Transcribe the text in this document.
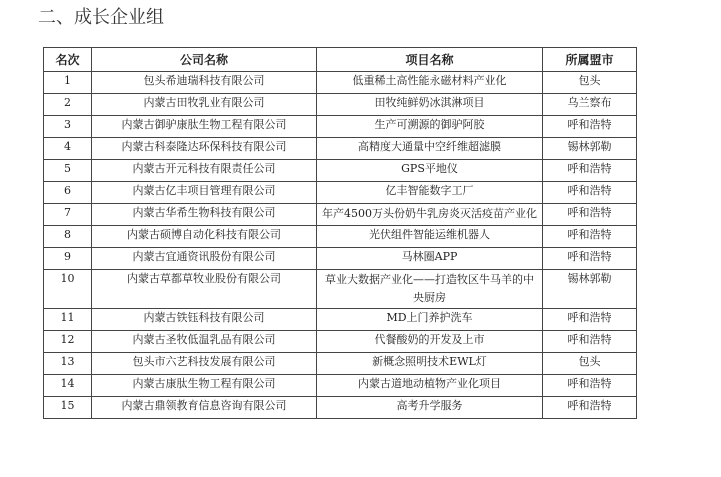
二、成长企业组
名次	公司名称	项目名称	所属盟市
1	包头希迪瑞科技有限公司	低重稀土高性能永磁材料产业化	包头
2	内蒙古田牧乳业有限公司	田牧纯鲜奶冰淇淋项目	乌兰察布
3	内蒙古御驴康肽生物工程有限公司	生产可溯源的御驴阿胶	呼和浩特
4	内蒙古科泰隆达环保科技有限公司	高精度大通量中空纤维超滤膜	锡林郭勒
5	内蒙古开元科技有限责任公司	GPS平地仪	呼和浩特
6	内蒙古亿丰项目管理有限公司	亿丰智能数字工厂	呼和浩特
7	内蒙古华希生物科技有限公司	年产4500万头份奶牛乳房炎灭活疫苗产业化	呼和浩特
8	内蒙古硕博自动化科技有限公司	光伏组件智能运维机器人	呼和浩特
9	内蒙古宜通资讯股份有限公司	马林圈APP	呼和浩特
10	内蒙古草都草牧业股份有限公司	草业大数据产业化——打造牧区牛马羊的中央厨房	锡林郭勒
11	内蒙古铁钰科技有限公司	MD上门养护洗车	呼和浩特
12	内蒙古圣牧低温乳品有限公司	代餐酸奶的开发及上市	呼和浩特
13	包头市六艺科技发展有限公司	新概念照明技术EWL灯	包头
14	内蒙古康肽生物工程有限公司	内蒙古道地动植物产业化项目	呼和浩特
15	内蒙古鼎领教育信息咨询有限公司	高考升学服务	呼和浩特
